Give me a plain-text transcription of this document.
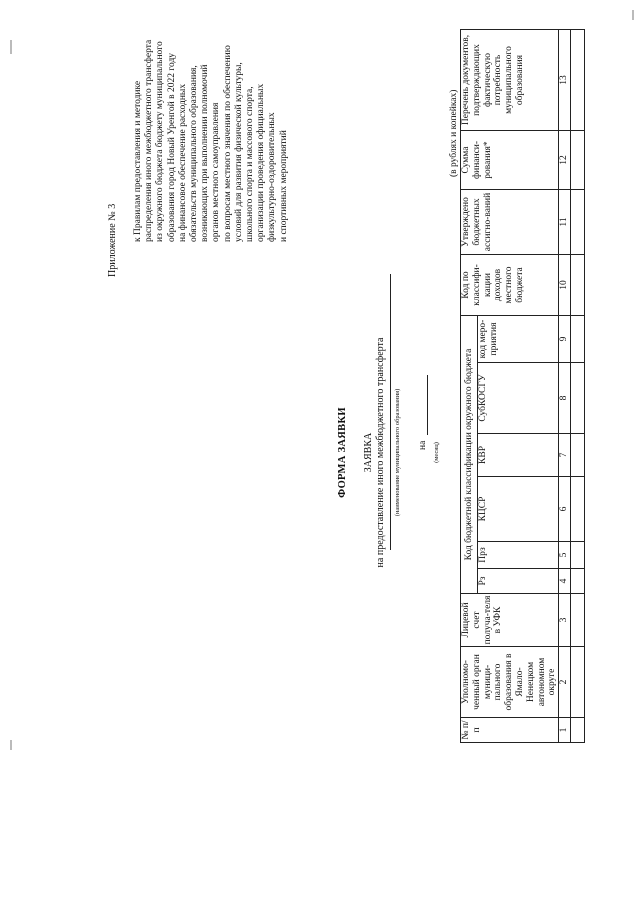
Приложение № 3 к Правилам предоставления и методике распределения иного межбюджетного трансферта из окружного бюджета бюджету муниципального образования город Новый Уренгой в 2022 году на финансовое обеспечение расходных обязательств муниципального образования, возникающих при выполнении полномочий органов местного самоуправления по вопросам местного значения по обеспечению условий для развития физической культуры, школьного спорта и массового спорта, организации проведения официальных физкультурно-оздоровительных и спортивных мероприятий
ФОРМА ЗАЯВКИ ЗАЯВКА на предоставление иного межбюджетного трансферта (наименование муниципального образования) на (месяц)
(в рублях и копейках)
№ п/п	Уполномо-ченный орган муници-пального образования в Ямало-Ненецком автономном округе	Лицевой счет получа-теля в УФК	Код бюджетной классификации окружного бюджета						Код по классифи-кации доходов местного бюджета	Утверждено бюджетных ассигно-ваний	Сумма финанси-рования*	Перечень документов, подтверждающих фактическую потребность муниципального образования
			Рз	Прз	КЦСР	КВР	СубКОСГУ	код меро-приятия				
1	2	3	4	5	6	7	8	9	10	11	12	13
